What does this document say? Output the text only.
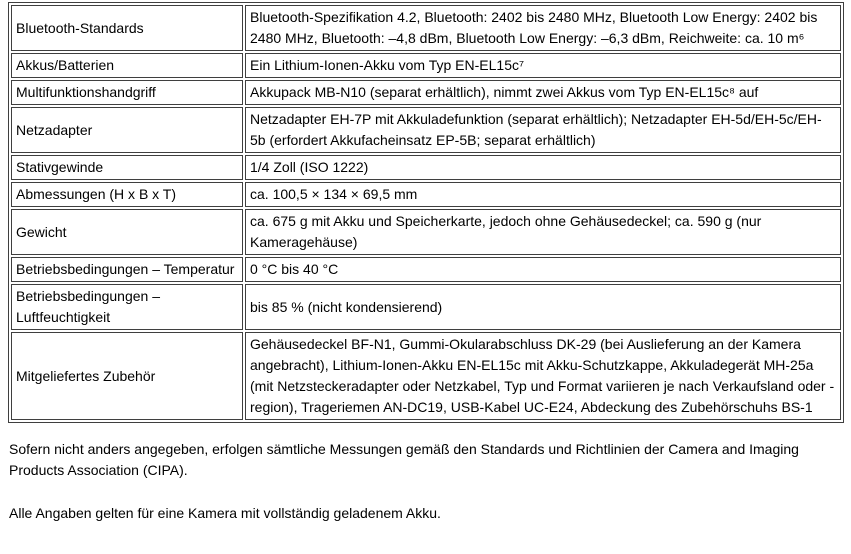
Bluetooth-Standards	Bluetooth-Spezifikation 4.2, Bluetooth: 2402 bis 2480 MHz, Bluetooth Low Energy: 2402 bis 2480 MHz, Bluetooth: –4,8 dBm, Bluetooth Low Energy: –6,3 dBm, Reichweite: ca. 10 m⁶
Akkus/Batterien	Ein Lithium-Ionen-Akku vom Typ EN-EL15c⁷
Multifunktionshandgriff	Akkupack MB-N10 (separat erhältlich), nimmt zwei Akkus vom Typ EN-EL15c⁸ auf
Netzadapter	Netzadapter EH-7P mit Akkuladefunktion (separat erhältlich); Netzadapter EH-5d/EH-5c/EH-5b (erfordert Akkufacheinsatz EP-5B; separat erhältlich)
Stativgewinde	1/4 Zoll (ISO 1222)
Abmessungen (H x B x T)	ca. 100,5 × 134 × 69,5 mm
Gewicht	ca. 675 g mit Akku und Speicherkarte, jedoch ohne Gehäusedeckel; ca. 590 g (nur Kameragehäuse)
Betriebsbedingungen – Temperatur	0 °C bis 40 °C
Betriebsbedingungen – Luftfeuchtigkeit	bis 85 % (nicht kondensierend)
Mitgeliefertes Zubehör	Gehäusedeckel BF-N1, Gummi-Okularabschluss DK-29 (bei Auslieferung an der Kamera angebracht), Lithium-Ionen-Akku EN-EL15c mit Akku-Schutzkappe, Akkuladegerät MH-25a (mit Netzsteckeradapter oder Netzkabel, Typ und Format variieren je nach Verkaufsland oder -region), Trageriemen AN-DC19, USB-Kabel UC-E24, Abdeckung des Zubehörschuhs BS-1

Sofern nicht anders angegeben, erfolgen sämtliche Messungen gemäß den Standards und Richtlinien der Camera and Imaging Products Association (CIPA).

Alle Angaben gelten für eine Kamera mit vollständig geladenem Akku.
